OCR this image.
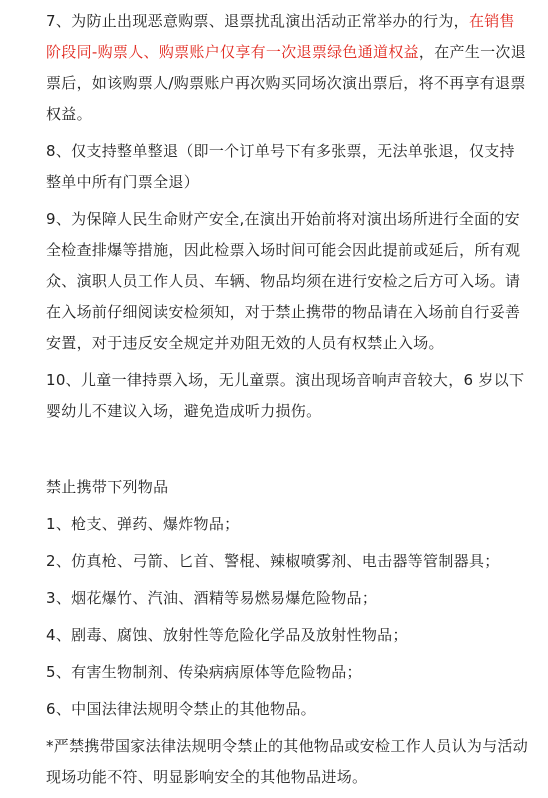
7、为防止出现恶意购票、退票扰乱演出活动正常举办的行为，在销售阶段同-购票人、购票账户仅享有一次退票绿色通道权益，在产生一次退票后，如该购票人/购票账户再次购买同场次演出票后，将不再享有退票权益。

8、仅支持整单整退（即一个订单号下有多张票，无法单张退，仅支持整单中所有门票全退）

9、为保障人民生命财产安全,在演出开始前将对演出场所进行全面的安全检查排爆等措施，因此检票入场时间可能会因此提前或延后，所有观众、演职人员工作人员、车辆、物品均须在进行安检之后方可入场。请在入场前仔细阅读安检须知，对于禁止携带的物品请在入场前自行妥善安置，对于违反安全规定并劝阻无效的人员有权禁止入场。

10、儿童一律持票入场，无儿童票。演出现场音响声音较大，6 岁以下婴幼儿不建议入场，避免造成听力损伤。

禁止携带下列物品

1、枪支、弹药、爆炸物品；

2、仿真枪、弓箭、匕首、警棍、辣椒喷雾剂、电击器等管制器具；

3、烟花爆竹、汽油、酒精等易燃易爆危险物品；

4、剧毒、腐蚀、放射性等危险化学品及放射性物品；

5、有害生物制剂、传染病病原体等危险物品；

6、中国法律法规明令禁止的其他物品。

*严禁携带国家法律法规明令禁止的其他物品或安检工作人员认为与活动现场功能不符、明显影响安全的其他物品进场。
